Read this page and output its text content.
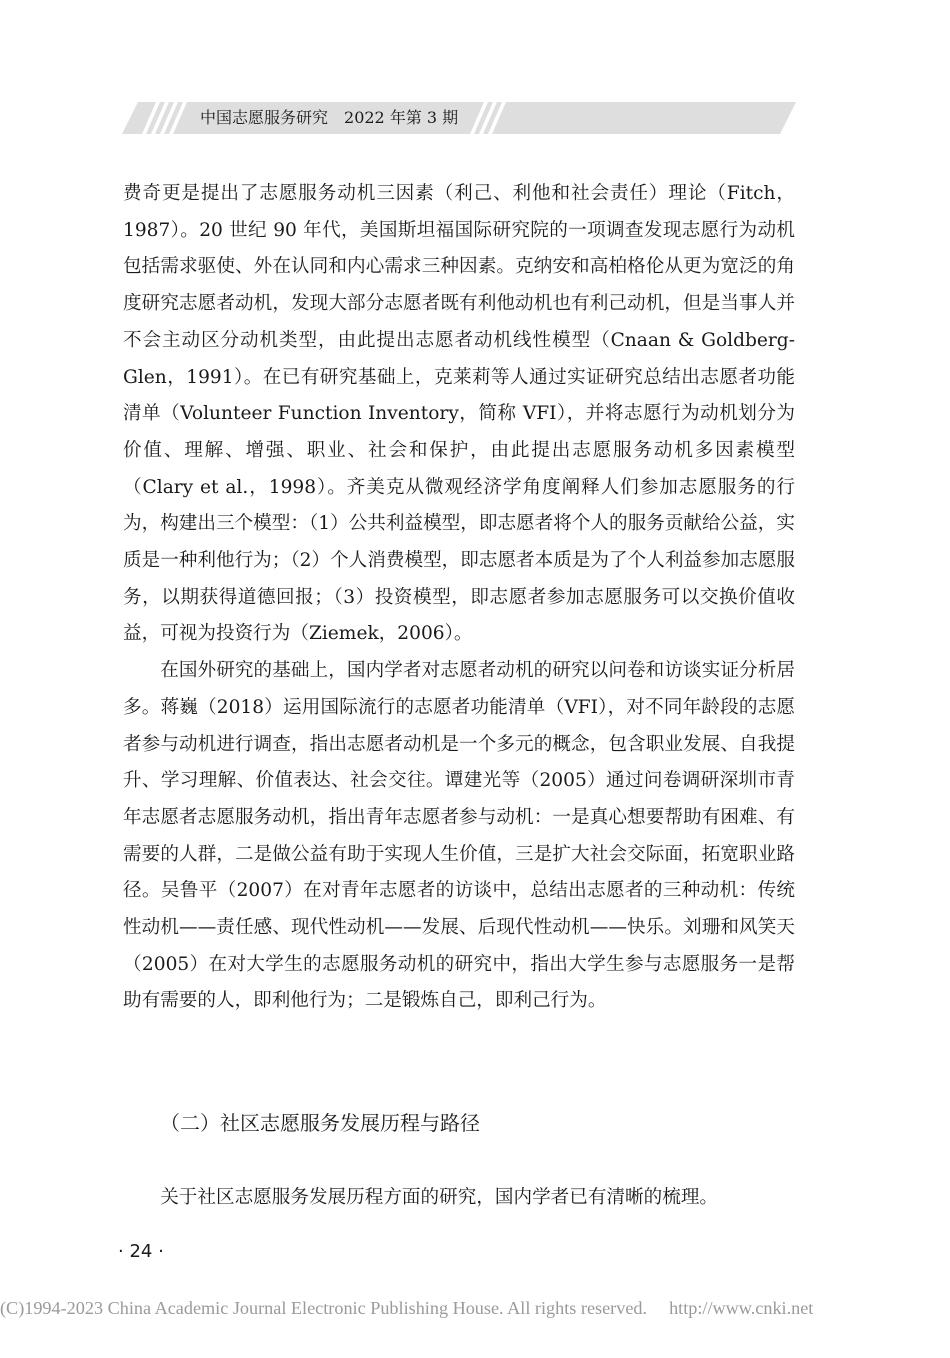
中国志愿服务研究 2022 年第 3 期

费奇更是提出了志愿服务动机三因素（利己、利他和社会责任）理论（Fitch，1987）。20 世纪 90 年代，美国斯坦福国际研究院的一项调查发现志愿行为动机包括需求驱使、外在认同和内心需求三种因素。克纳安和高柏格伦从更为宽泛的角度研究志愿者动机，发现大部分志愿者既有利他动机也有利己动机，但是当事人并不会主动区分动机类型，由此提出志愿者动机线性模型（Cnaan & Goldberg-Glen，1991）。在已有研究基础上，克莱莉等人通过实证研究总结出志愿者功能清单（Volunteer Function Inventory，简称 VFI），并将志愿行为动机划分为价值、理解、增强、职业、社会和保护，由此提出志愿服务动机多因素模型（Clary et al.，1998）。齐美克从微观经济学角度阐释人们参加志愿服务的行为，构建出三个模型：（1）公共利益模型，即志愿者将个人的服务贡献给公益，实质是一种利他行为；（2）个人消费模型，即志愿者本质是为了个人利益参加志愿服务，以期获得道德回报；（3）投资模型，即志愿者参加志愿服务可以交换价值收益，可视为投资行为（Ziemek，2006）。

在国外研究的基础上，国内学者对志愿者动机的研究以问卷和访谈实证分析居多。蒋巍（2018）运用国际流行的志愿者功能清单（VFI），对不同年龄段的志愿者参与动机进行调查，指出志愿者动机是一个多元的概念，包含职业发展、自我提升、学习理解、价值表达、社会交往。谭建光等（2005）通过问卷调研深圳市青年志愿者志愿服务动机，指出青年志愿者参与动机：一是真心想要帮助有困难、有需要的人群，二是做公益有助于实现人生价值，三是扩大社会交际面，拓宽职业路径。吴鲁平（2007）在对青年志愿者的访谈中，总结出志愿者的三种动机：传统性动机——责任感、现代性动机——发展、后现代性动机——快乐。刘珊和风笑天（2005）在对大学生的志愿服务动机的研究中，指出大学生参与志愿服务一是帮助有需要的人，即利他行为；二是锻炼自己，即利己行为。

（二）社区志愿服务发展历程与路径

关于社区志愿服务发展历程方面的研究，国内学者已有清晰的梳理。

· 24 ·
(C)1994-2023 China Academic Journal Electronic Publishing House. All rights reserved. http://www.cnki.net
